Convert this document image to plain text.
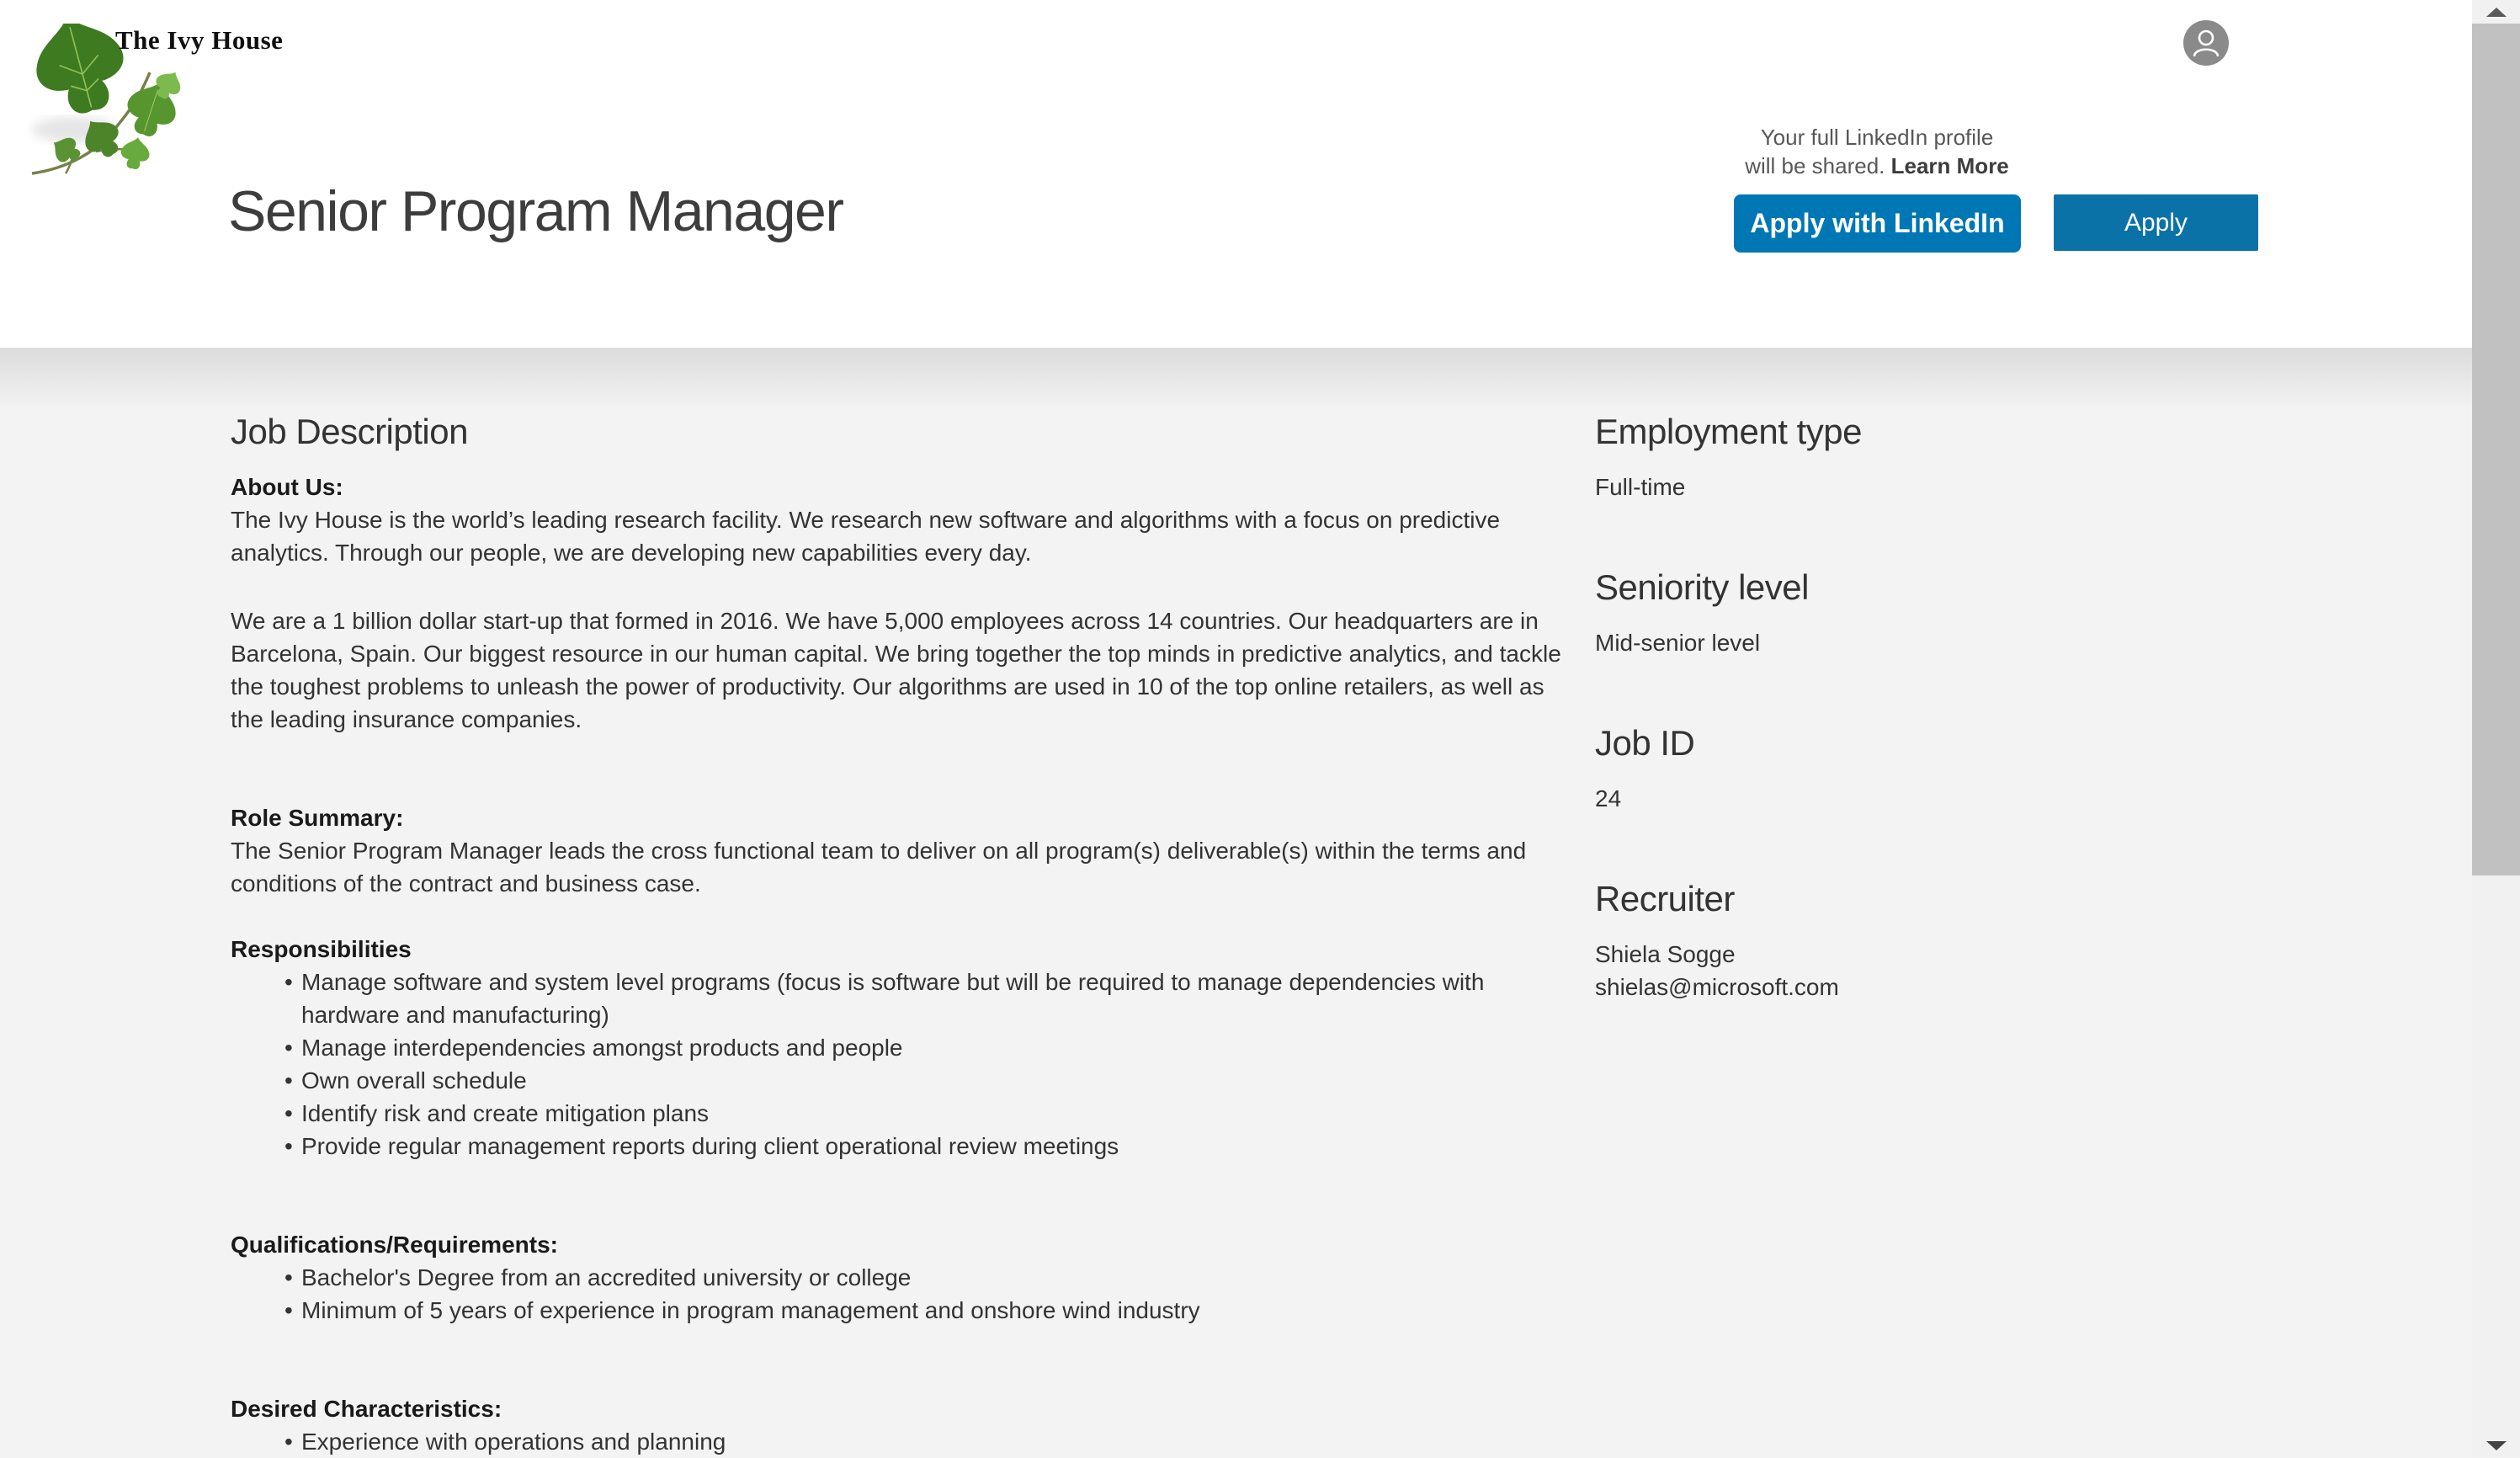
The Ivy House
Senior Program Manager
Your full LinkedIn profile
will be shared. Learn More
Apply with LinkedIn	Apply
Job Description

About Us:

The Ivy House is the world’s leading research facility. We research new software and algorithms with a focus on predictive analytics. Through our people, we are developing new capabilities every day.

We are a 1 billion dollar start-up that formed in 2016. We have 5,000 employees across 14 countries. Our headquarters are in Barcelona, Spain. Our biggest resource in our human capital. We bring together the top minds in predictive analytics, and tackle the toughest problems to unleash the power of productivity. Our algorithms are used in 10 of the top online retailers, as well as the leading insurance companies.

Role Summary:

The Senior Program Manager leads the cross functional team to deliver on all program(s) deliverable(s) within the terms and conditions of the contract and business case.

Responsibilities

• Manage software and system level programs (focus is software but will be required to manage dependencies with hardware and manufacturing)
• Manage interdependencies amongst products and people
• Own overall schedule
• Identify risk and create mitigation plans
• Provide regular management reports during client operational review meetings

Qualifications/Requirements:

• Bachelor's Degree from an accredited university or college
• Minimum of 5 years of experience in program management and onshore wind industry

Desired Characteristics:

• Experience with operations and planning
Employment type
Full-time
Seniority level
Mid-senior level
Job ID
24
Recruiter
Shiela Sogge
shielas@microsoft.com
